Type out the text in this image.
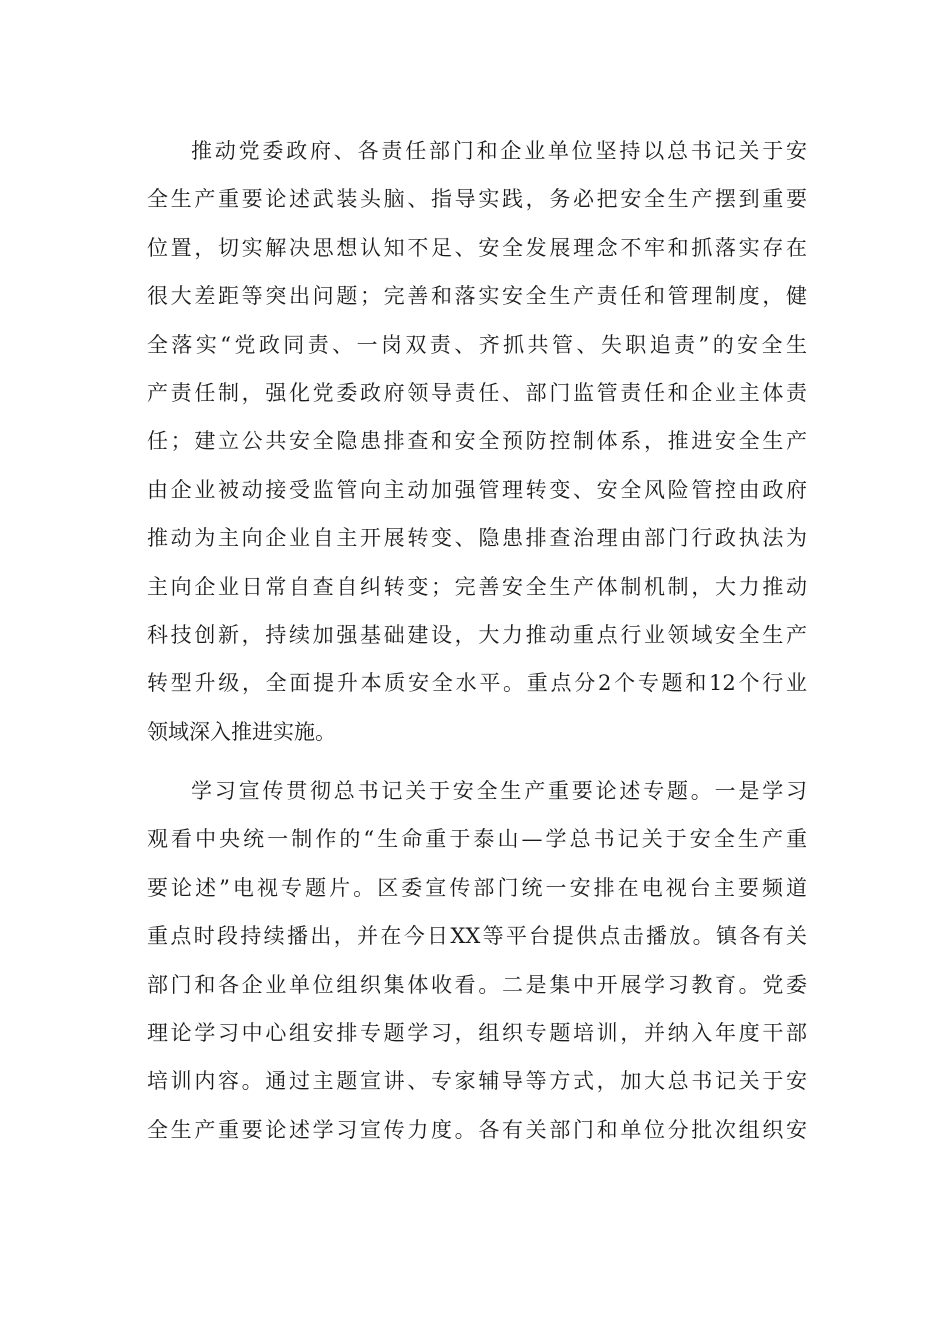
推动党委政府、各责任部门和企业单位坚持以总书记关于安
全生产重要论述武装头脑、指导实践，务必把安全生产摆到重要
位置，切实解决思想认知不足、安全发展理念不牢和抓落实存在
很大差距等突出问题；完善和落实安全生产责任和管理制度，健
全落实“党政同责、一岗双责、齐抓共管、失职追责”的安全生
产责任制，强化党委政府领导责任、部门监管责任和企业主体责
任；建立公共安全隐患排查和安全预防控制体系，推进安全生产
由企业被动接受监管向主动加强管理转变、安全风险管控由政府
推动为主向企业自主开展转变、隐患排查治理由部门行政执法为
主向企业日常自查自纠转变；完善安全生产体制机制，大力推动
科技创新，持续加强基础建设，大力推动重点行业领域安全生产
转型升级，全面提升本质安全水平。重点分2个专题和12个行业
领域深入推进实施。
学习宣传贯彻总书记关于安全生产重要论述专题。一是学习
观看中央统一制作的“生命重于泰山—学总书记关于安全生产重
要论述”电视专题片。区委宣传部门统一安排在电视台主要频道
重点时段持续播出，并在今日XX等平台提供点击播放。镇各有关
部门和各企业单位组织集体收看。二是集中开展学习教育。党委
理论学习中心组安排专题学习，组织专题培训，并纳入年度干部
培训内容。通过主题宣讲、专家辅导等方式，加大总书记关于安
全生产重要论述学习宣传力度。各有关部门和单位分批次组织安
